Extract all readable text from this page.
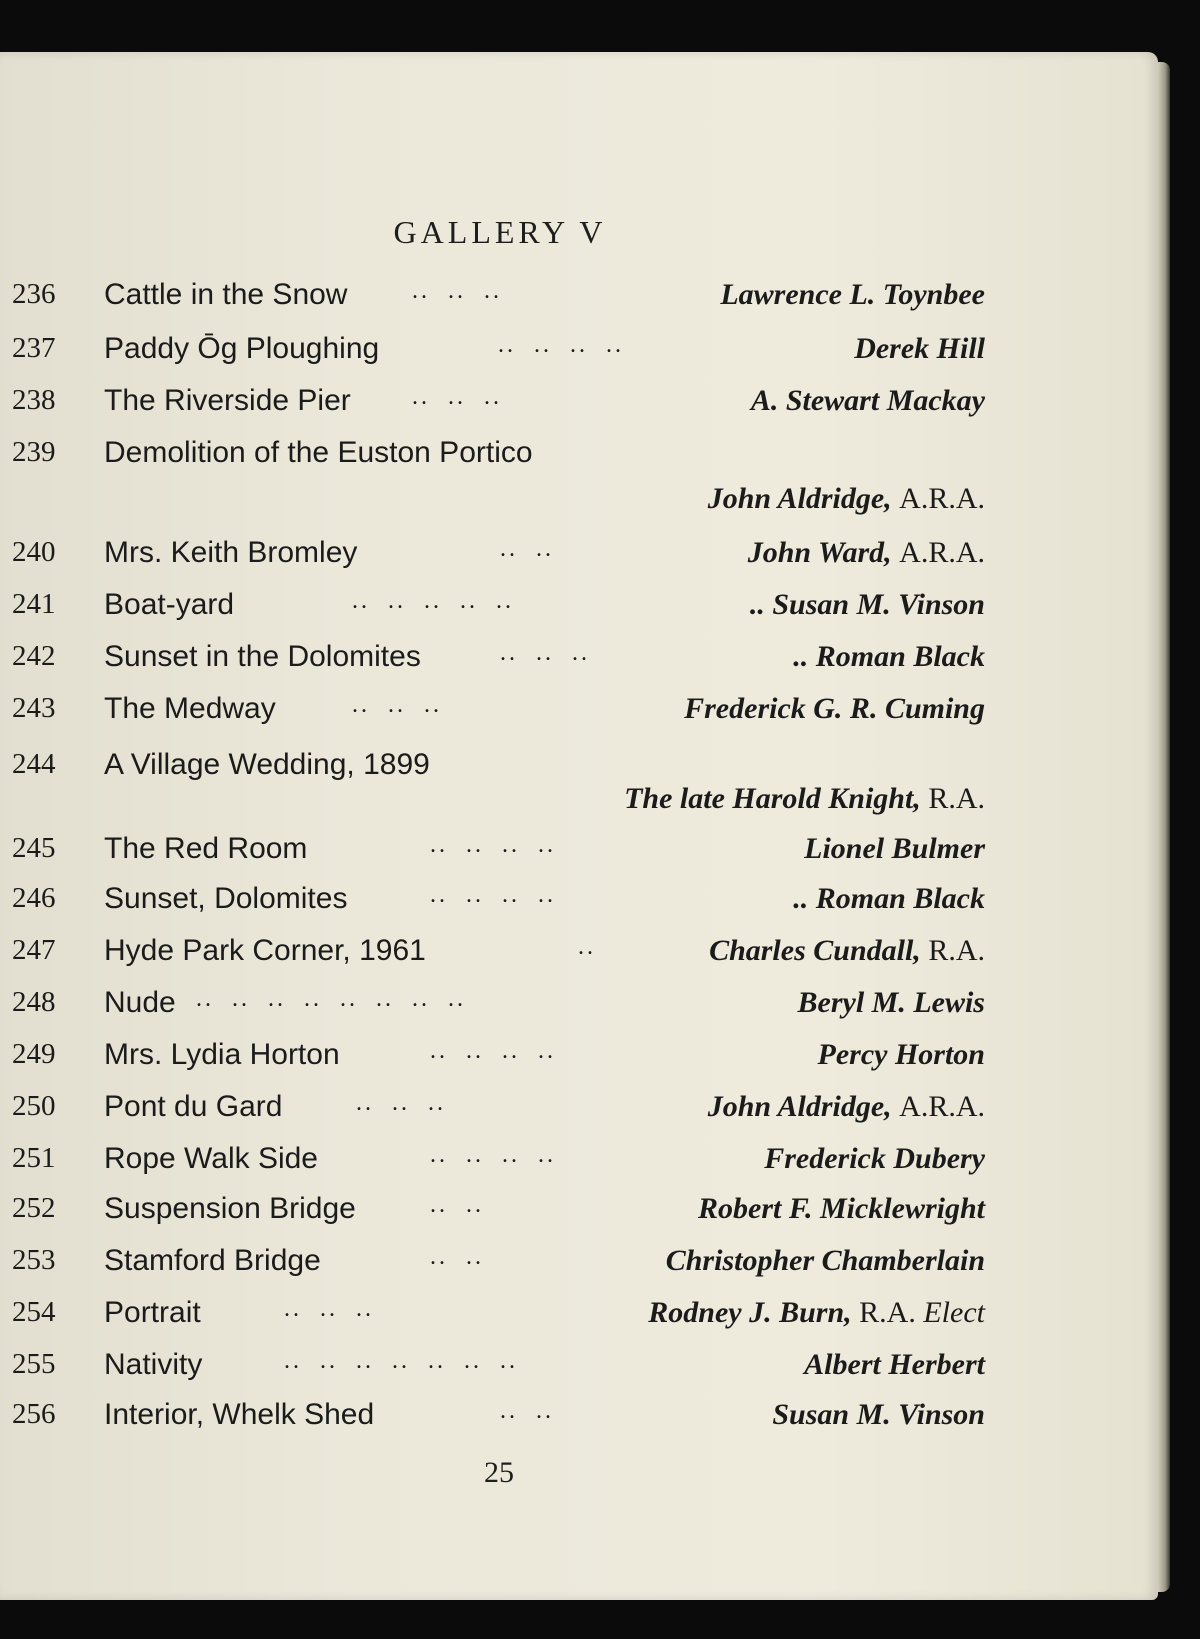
GALLERY V
236 Cattle in the Snow	..  ..  ..	Lawrence L. Toynbee
237 Paddy Ōg Ploughing	..  ..  ..  ..	Derek Hill
238 The Riverside Pier	..  ..  ..	A. Stewart Mackay
239 Demolition of the Euston Portico
John Aldridge, A.R.A.
240 Mrs. Keith Bromley	..  ..	John Ward, A.R.A.
241 Boat-yard	..  ..  ..  ..  ..	.. Susan M. Vinson
242 Sunset in the Dolomites	..  ..  ..	.. Roman Black
243 The Medway	..  ..  ..	Frederick G. R. Cuming
244 A Village Wedding, 1899
The late Harold Knight, R.A.
245 The Red Room	..  ..  ..  ..	Lionel Bulmer
246 Sunset, Dolomites	..  ..  ..  ..	.. Roman Black
247 Hyde Park Corner, 1961	..	Charles Cundall, R.A.
248 Nude ..  ..  ..  ..  ..  ..  ..  ..	Beryl M. Lewis
249 Mrs. Lydia Horton	..  ..  ..  ..	Percy Horton
250 Pont du Gard	..  ..  ..	John Aldridge, A.R.A.
251 Rope Walk Side	..  ..  ..  ..	Frederick Dubery
252 Suspension Bridge	..  ..	Robert F. Micklewright
253 Stamford Bridge	..  ..	Christopher Chamberlain
254 Portrait	..  ..  ..	Rodney J. Burn, R.A. Elect
255 Nativity	..  ..  ..  ..  ..  ..  ..	Albert Herbert
256 Interior, Whelk Shed	..  ..	Susan M. Vinson
25
